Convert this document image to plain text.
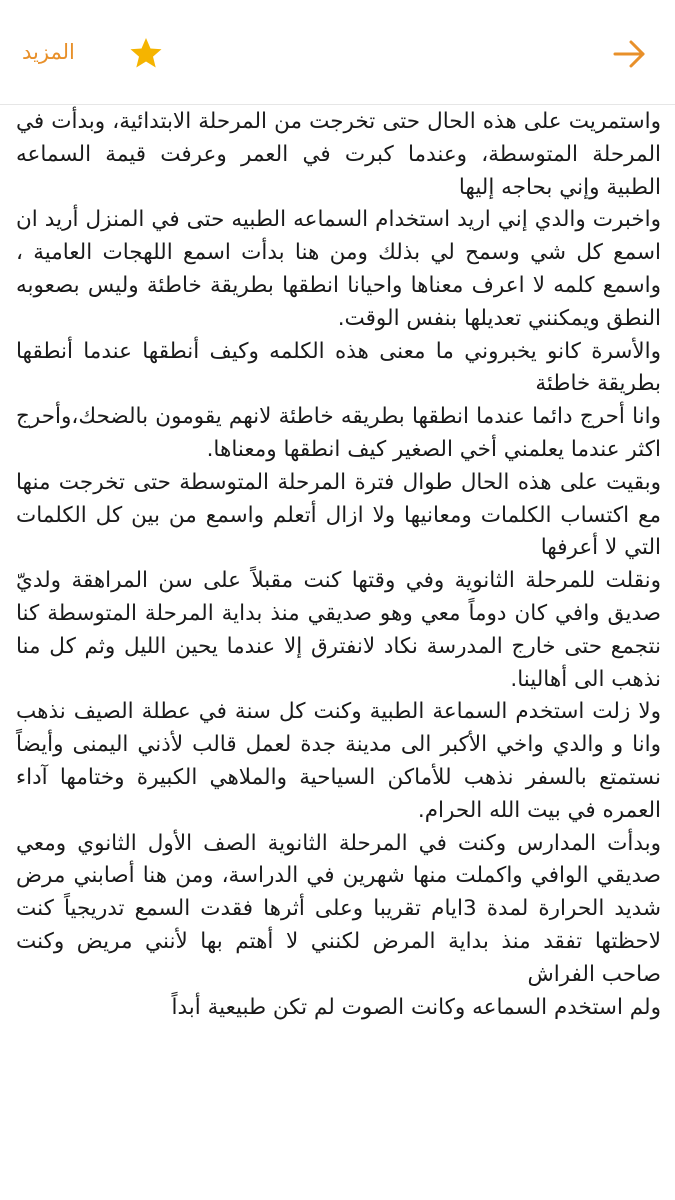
المزيد

واستمريت على هذه الحال حتى تخرجت من المرحلة الابتدائية، وبدأت في المرحلة المتوسطة، وعندما كبرت في العمر وعرفت قيمة السماعه الطبية وإني بحاجه إليها

واخبرت والدي إني اريد استخدام السماعه الطبيه حتى في المنزل أريد ان اسمع كل شي وسمح لي بذلك ومن هنا بدأت اسمع اللهجات العامية ، واسمع كلمه لا اعرف معناها واحيانا انطقها بطريقة خاطئة وليس بصعوبه النطق ويمكنني تعديلها بنفس الوقت.

والأسرة كانو يخبروني ما معنى هذه الكلمه وكيف أنطقها عندما أنطقها بطريقة خاطئة

وانا أحرج دائما عندما انطقها بطريقه خاطئة لانهم يقومون بالضحك،وأحرج اكثر عندما يعلمني أخي الصغير كيف انطقها ومعناها.

وبقيت على هذه الحال طوال فترة المرحلة المتوسطة حتى تخرجت منها مع اكتساب الكلمات ومعانيها ولا ازال أتعلم واسمع من بين كل الكلمات التي لا أعرفها

ونقلت للمرحلة الثانوية وفي وقتها كنت مقبلاً على سن المراهقة ولديّ صديق وافي كان دوماً معي وهو صديقي منذ بداية المرحلة المتوسطة كنا نتجمع حتى خارج المدرسة نكاد لانفترق إلا عندما يحين الليل وثم كل منا نذهب الى أهالينا.

ولا زلت استخدم السماعة الطبية وكنت كل سنة في عطلة الصيف نذهب وانا و والدي واخي الأكبر الى مدينة جدة لعمل قالب لأذني اليمنى وأيضاً نستمتع بالسفر نذهب للأماكن السياحية والملاهي الكبيرة وختامها آداء العمره في بيت الله الحرام.

وبدأت المدارس وكنت في المرحلة الثانوية الصف الأول الثانوي ومعي صديقي الوافي واكملت منها شهرين في الدراسة، ومن هنا أصابني مرض شديد الحرارة لمدة 3ايام تقريبا وعلى أثرها فقدت السمع تدريجياً كنت لاحظتها تفقد منذ بداية المرض لكنني لا أهتم بها لأنني مريض وكنت صاحب الفراش

ولم استخدم السماعه وكانت الصوت لم تكن طبيعية أبداً
